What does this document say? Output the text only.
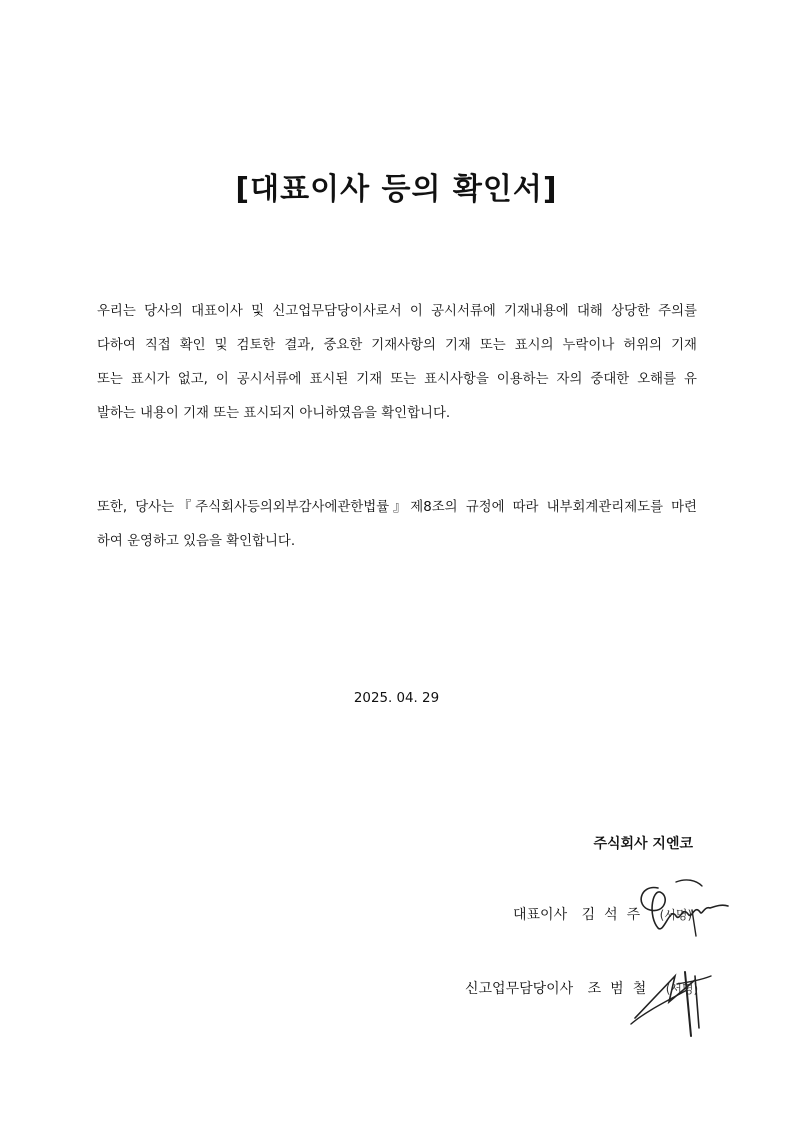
[대표이사 등의 확인서]
우리는 당사의 대표이사 및 신고업무담당이사로서 이 공시서류에 기재내용에 대해 상당한 주의를
다하여 직접 확인 및 검토한 결과, 중요한 기재사항의 기재 또는 표시의 누락이나 허위의 기재
또는 표시가 없고, 이 공시서류에 표시된 기재 또는 표시사항을 이용하는 자의 중대한 오해를 유
발하는 내용이 기재 또는 표시되지 아니하였음을 확인합니다.
또한, 당사는『주식회사등의외부감사에관한법률』제8조의 규정에 따라 내부회계관리제도를 마련
하여 운영하고 있음을 확인합니다.
2025. 04. 29
주식회사 지엔코
대표이사 김석주 (서명)
신고업무담당이사 조범철 (서명)
